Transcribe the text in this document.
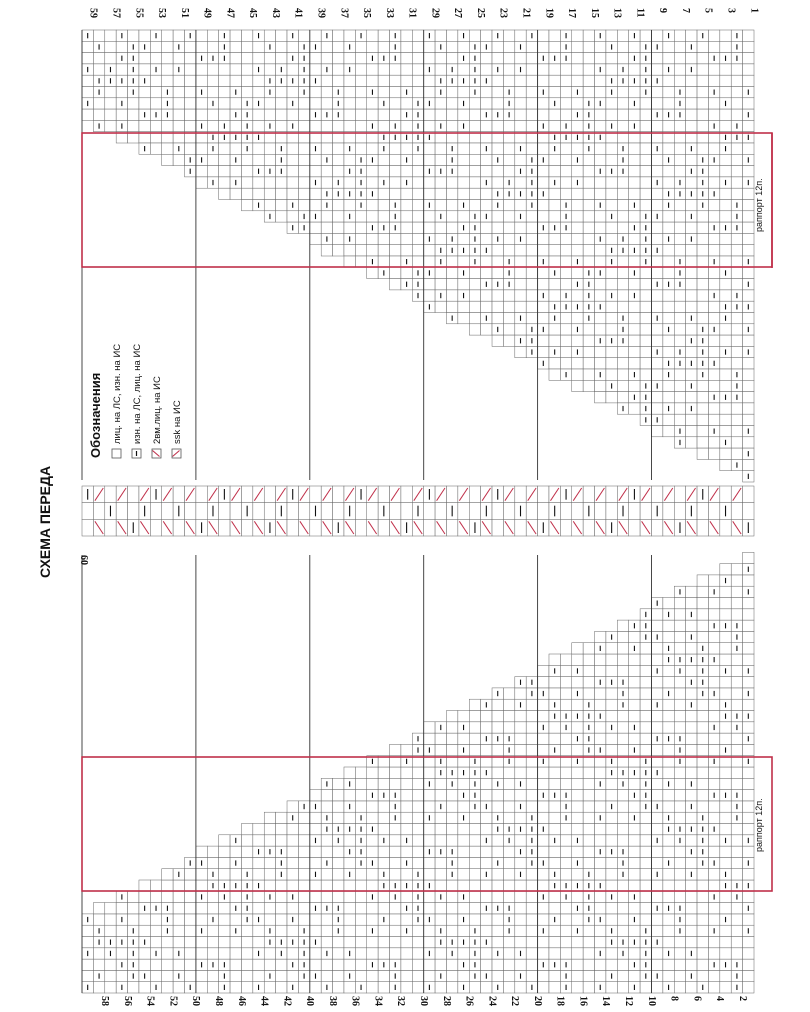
СХЕМА ПЕРЕДА
59 57 55 53 51 49 47 45 43 41 39 37 35 33 31 29 27 25 23 21 19 17 15 13 11 9 7 5 3 1
58 56 54 52 50 48 46 44 42 40 38 36 34 32 30 28 26 24 22 20 18 16 14 12 10 8 6 4 2
60
раппорт 12п.
раппорт 12п.
Обозначения лиц. на ЛС, изн. на ИС изн. на ЛС, лиц. на ИС 2вм.лиц. на ИС ssk на ИС
